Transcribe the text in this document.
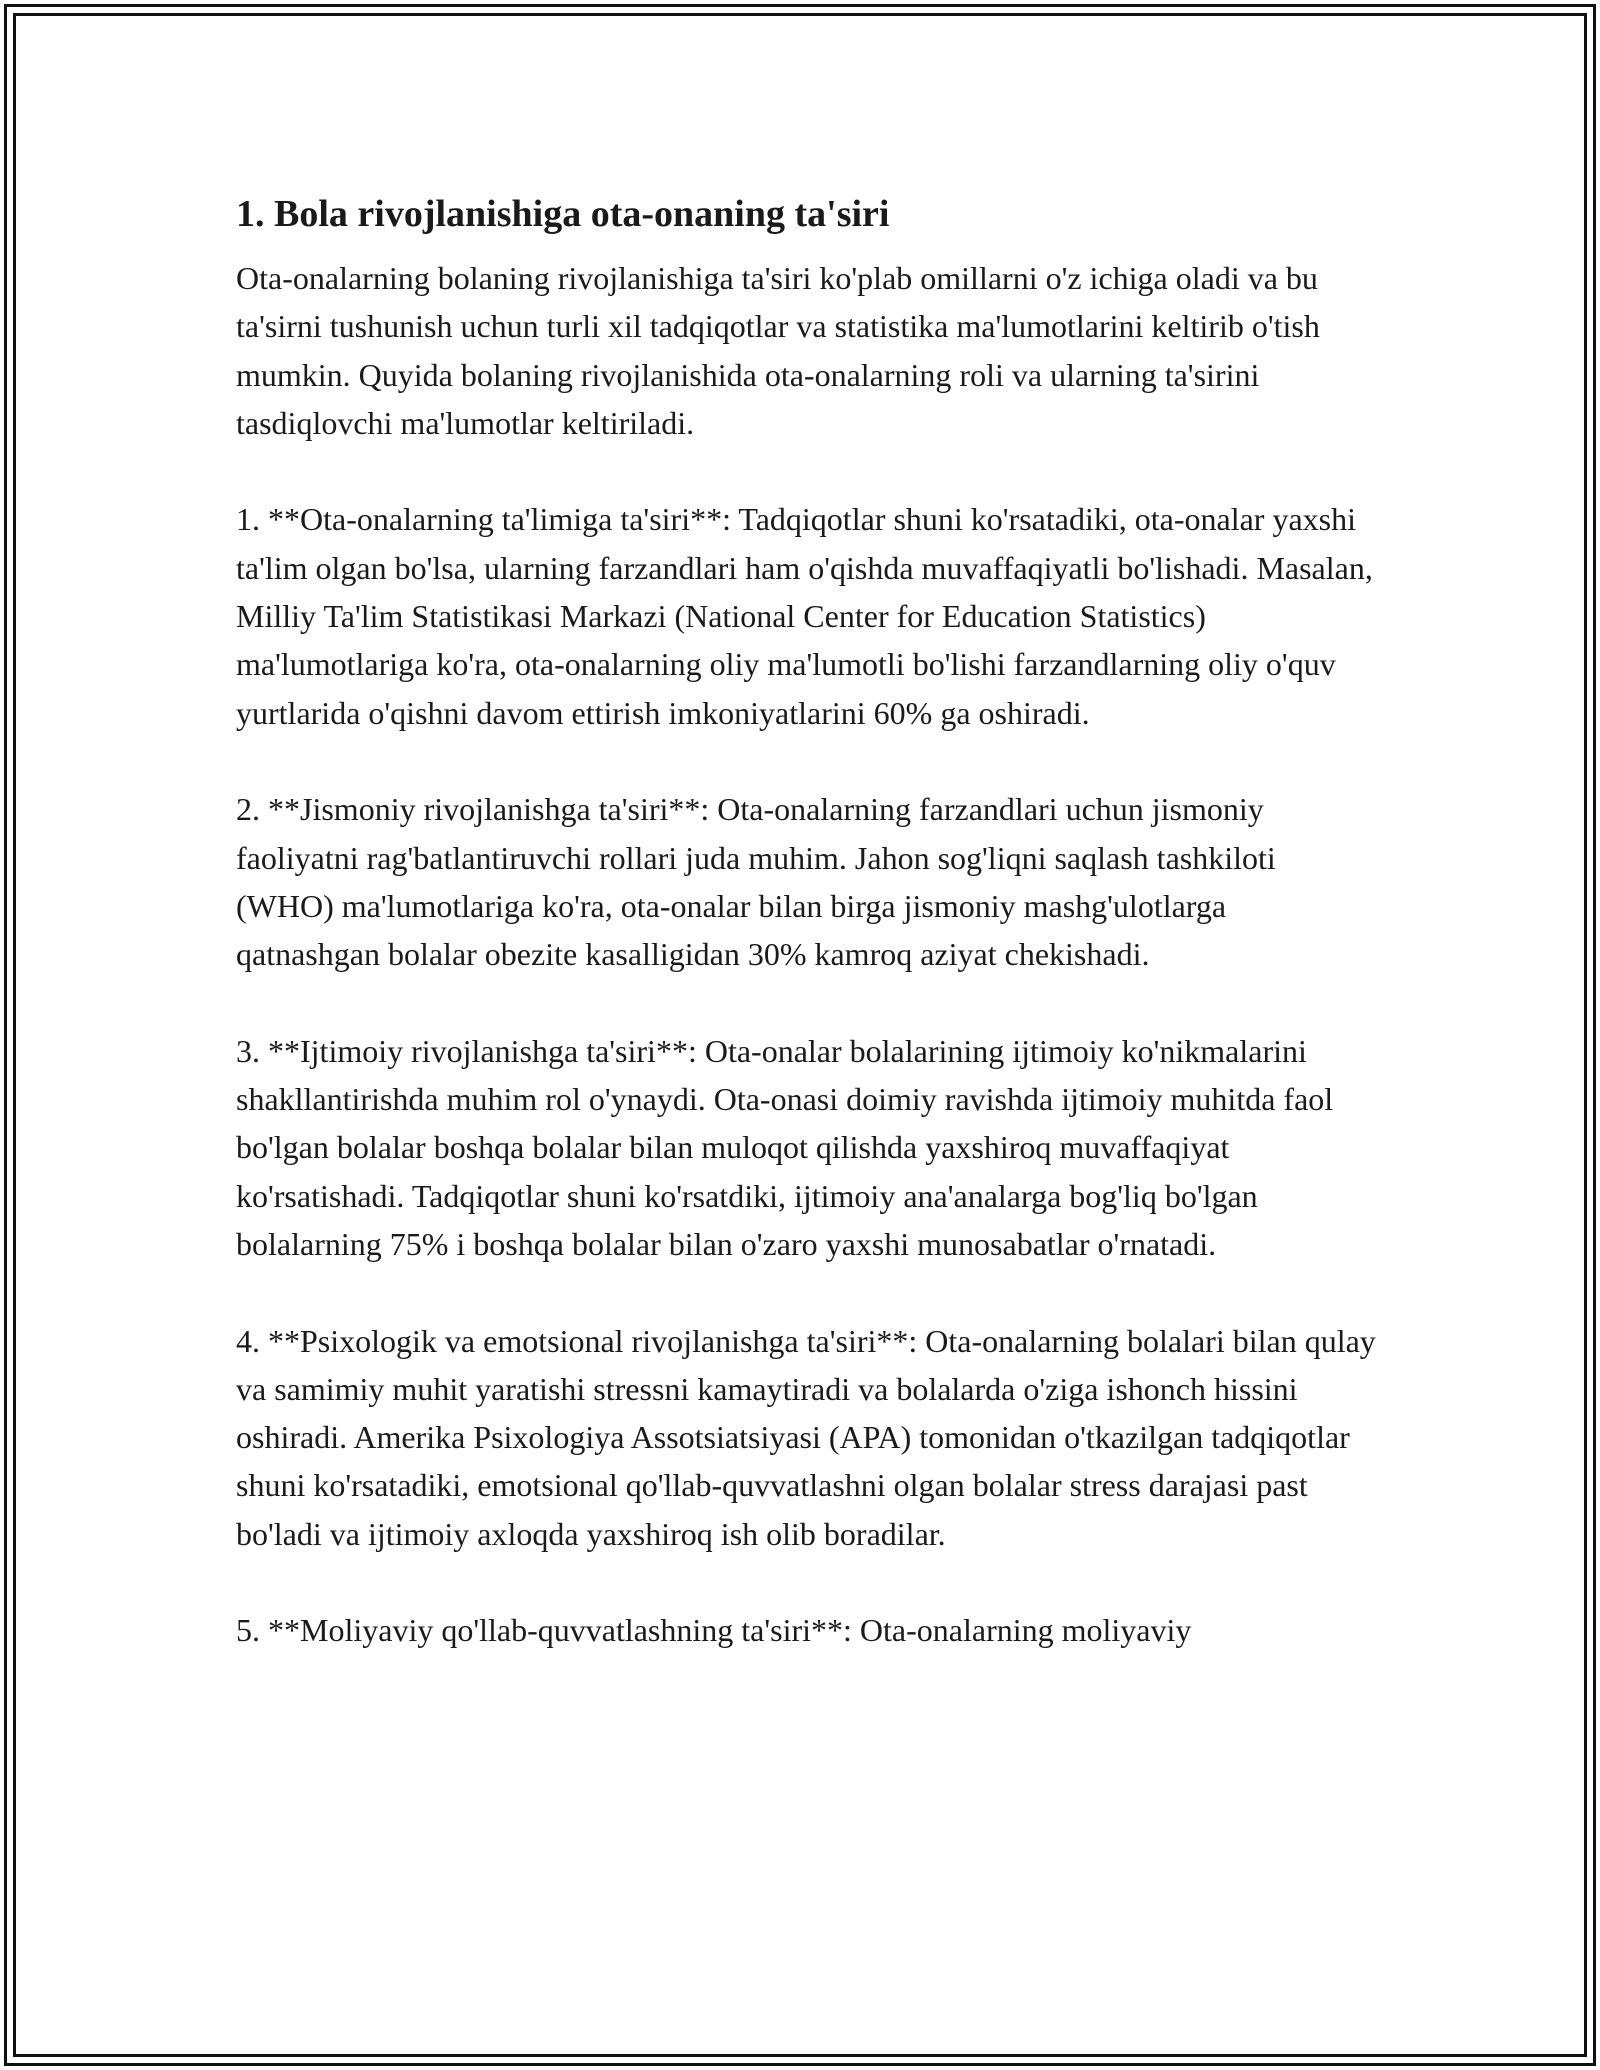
1. Bola rivojlanishiga ota-onaning ta'siri

Ota-onalarning bolaning rivojlanishiga ta'siri ko'plab omillarni o'z ichiga oladi va bu ta'sirni tushunish uchun turli xil tadqiqotlar va statistika ma'lumotlarini keltirib o'tish mumkin. Quyida bolaning rivojlanishida ota-onalarning roli va ularning ta'sirini tasdiqlovchi ma'lumotlar keltiriladi.

1. **Ota-onalarning ta'limiga ta'siri**: Tadqiqotlar shuni ko'rsatadiki, ota-onalar yaxshi ta'lim olgan bo'lsa, ularning farzandlari ham o'qishda muvaffaqiyatli bo'lishadi. Masalan, Milliy Ta'lim Statistikasi Markazi (National Center for Education Statistics) ma'lumotlariga ko'ra, ota-onalarning oliy ma'lumotli bo'lishi farzandlarning oliy o'quv yurtlarida o'qishni davom ettirish imkoniyatlarini 60% ga oshiradi.

2. **Jismoniy rivojlanishga ta'siri**: Ota-onalarning farzandlari uchun jismoniy faoliyatni rag'batlantiruvchi rollari juda muhim. Jahon sog'liqni saqlash tashkiloti (WHO) ma'lumotlariga ko'ra, ota-onalar bilan birga jismoniy mashg'ulotlarga qatnashgan bolalar obezite kasalligidan 30% kamroq aziyat chekishadi.

3. **Ijtimoiy rivojlanishga ta'siri**: Ota-onalar bolalarining ijtimoiy ko'nikmalarini shakllantirishda muhim rol o'ynaydi. Ota-onasi doimiy ravishda ijtimoiy muhitda faol bo'lgan bolalar boshqa bolalar bilan muloqot qilishda yaxshiroq muvaffaqiyat ko'rsatishadi. Tadqiqotlar shuni ko'rsatdiki, ijtimoiy ana'analarga bog'liq bo'lgan bolalarning 75% i boshqa bolalar bilan o'zaro yaxshi munosabatlar o'rnatadi.

4. **Psixologik va emotsional rivojlanishga ta'siri**: Ota-onalarning bolalari bilan qulay va samimiy muhit yaratishi stressni kamaytiradi va bolalarda o'ziga ishonch hissini oshiradi. Amerika Psixologiya Assotsiatsiyasi (APA) tomonidan o'tkazilgan tadqiqotlar shuni ko'rsatadiki, emotsional qo'llab-quvvatlashni olgan bolalar stress darajasi past bo'ladi va ijtimoiy axloqda yaxshiroq ish olib boradilar.

5. **Moliyaviy qo'llab-quvvatlashning ta'siri**: Ota-onalarning moliyaviy
